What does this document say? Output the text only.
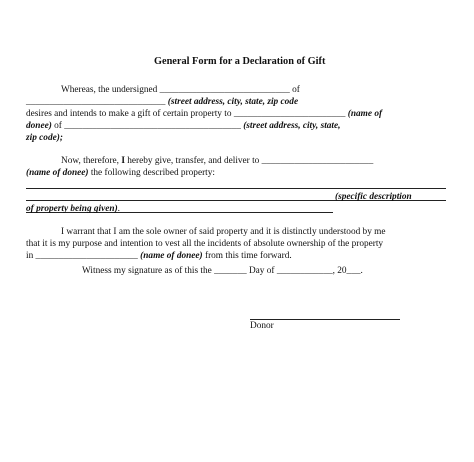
General Form for a Declaration of Gift
Whereas, the undersigned ____________________________ of
______________________________ (street address, city, state, zip code
desires and intends to make a gift of certain property to ________________________ (name of
donee) of ______________________________________ (street address, city, state,
zip code);
Now, therefore, I hereby give, transfer, and deliver to ________________________
(name of donee) the following described property:
(specific description
of property being given).
I warrant that I am the sole owner of said property and it is distinctly understood by me
that it is my purpose and intention to vest all the incidents of absolute ownership of the property
in ______________________ (name of donee) from this time forward.
Witness my signature as of this the _______ Day of ____________, 20___.
Donor
